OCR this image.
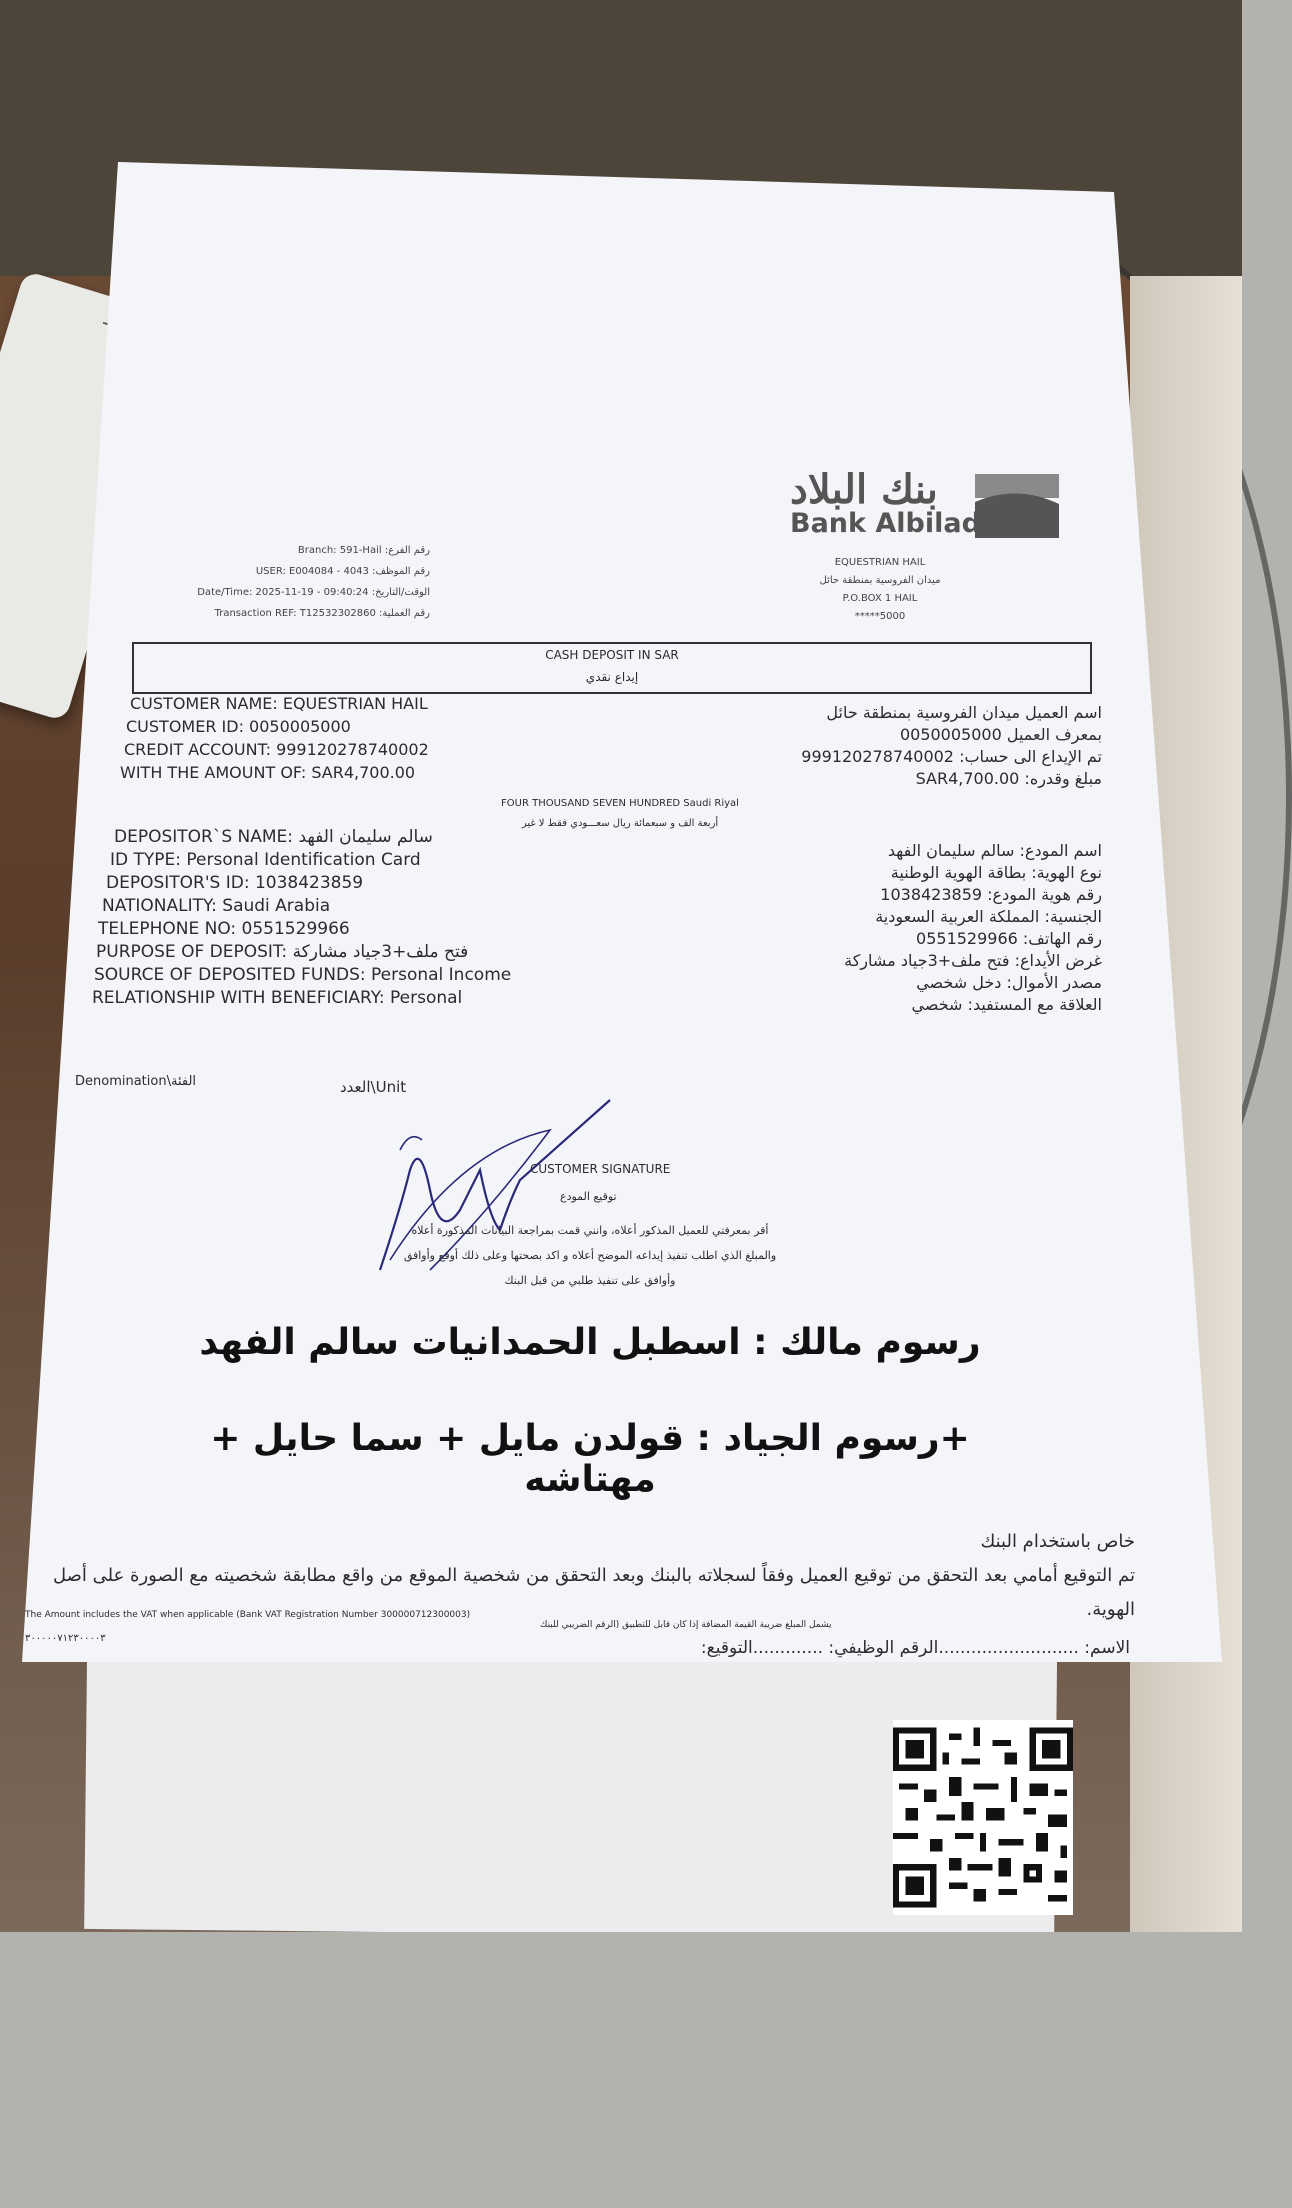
بنك البلاد
Bank Albilad
Branch: 591-Hail :رقم الفرع
USER: E004084 - 4043 :رقم الموظف
Date/Time: 2025-11-19 - 09:40:24 :الوقت/التاريخ
Transaction REF: T12532302860 :رقم العملية
EQUESTRIAN HAIL
ميدان الفروسية بمنطقة حائل
P.O.BOX 1 HAIL
*****5000
CASH DEPOSIT IN SAR
إيداع نقدي
CUSTOMER NAME: EQUESTRIAN HAIL
CUSTOMER ID: 0050005000
CREDIT ACCOUNT: 999120278740002
WITH THE AMOUNT OF: SAR4,700.00
اسم العميل ميدان الفروسية بمنطقة حائل
بمعرف العميل 0050005000
تم الإيداع الى حساب: 999120278740002
مبلغ وقدره: SAR4,700.00
FOUR THOUSAND SEVEN HUNDRED Saudi Riyal
أربعة الف و سبعمائة ريال سعـــودي فقط لا غير
DEPOSITOR`S NAME: سالم سليمان الفهد
ID TYPE: Personal Identification Card
DEPOSITOR'S ID: 1038423859
NATIONALITY: Saudi Arabia
TELEPHONE NO: 0551529966
PURPOSE OF DEPOSIT: فتح ملف+3جياد مشاركة
SOURCE OF DEPOSITED FUNDS: Personal Income
RELATIONSHIP WITH BENEFICIARY: Personal
اسم المودع: سالم سليمان الفهد
نوع الهوية: بطاقة الهوية الوطنية
رقم هوية المودع: 1038423859
الجنسية: المملكة العربية السعودية
رقم الهاتف: 0551529966
غرض الأيداع: فتح ملف+3جياد مشاركة
مصدر الأموال: دخل شخصي
العلاقة مع المستفيد: شخصي
Denomination\الفئة	العدد\Unit
CUSTOMER SIGNATURE
توقيع المودع
أقر بمعرفتي للعميل المذكور أعلاه، وانني قمت بمراجعة البيانات المذكورة أعلاه
والمبلغ الذي اطلب تنفيذ إيداعه الموضح أعلاه و اكد بصحتها وعلى ذلك أوقع وأوافق
وأوافق على تنفيذ طلبي من قبل البنك
رسوم مالك : اسطبل الحمدانيات سالم الفهد
+رسوم الجياد : قولدن مايل + سما حايل + مهتاشه
خاص باستخدام البنك
تم التوقيع أمامي بعد التحقق من توقيع العميل وفقاً لسجلاته بالبنك وبعد التحقق من شخصية الموقع من واقع مطابقة شخصيته مع الصورة على أصل الهوية.
The Amount includes the VAT when applicable (Bank VAT Registration Number 300000712300003)
يشمل المبلغ ضريبة القيمة المضافة إذا كان قابل للتطبيق (الرقم الضريبي للبنك
٣٠٠٠٠٠٧١٢٣٠٠٠٠٣	الاسم: ..........................الرقم الوظيفي: .............التوقيع:
